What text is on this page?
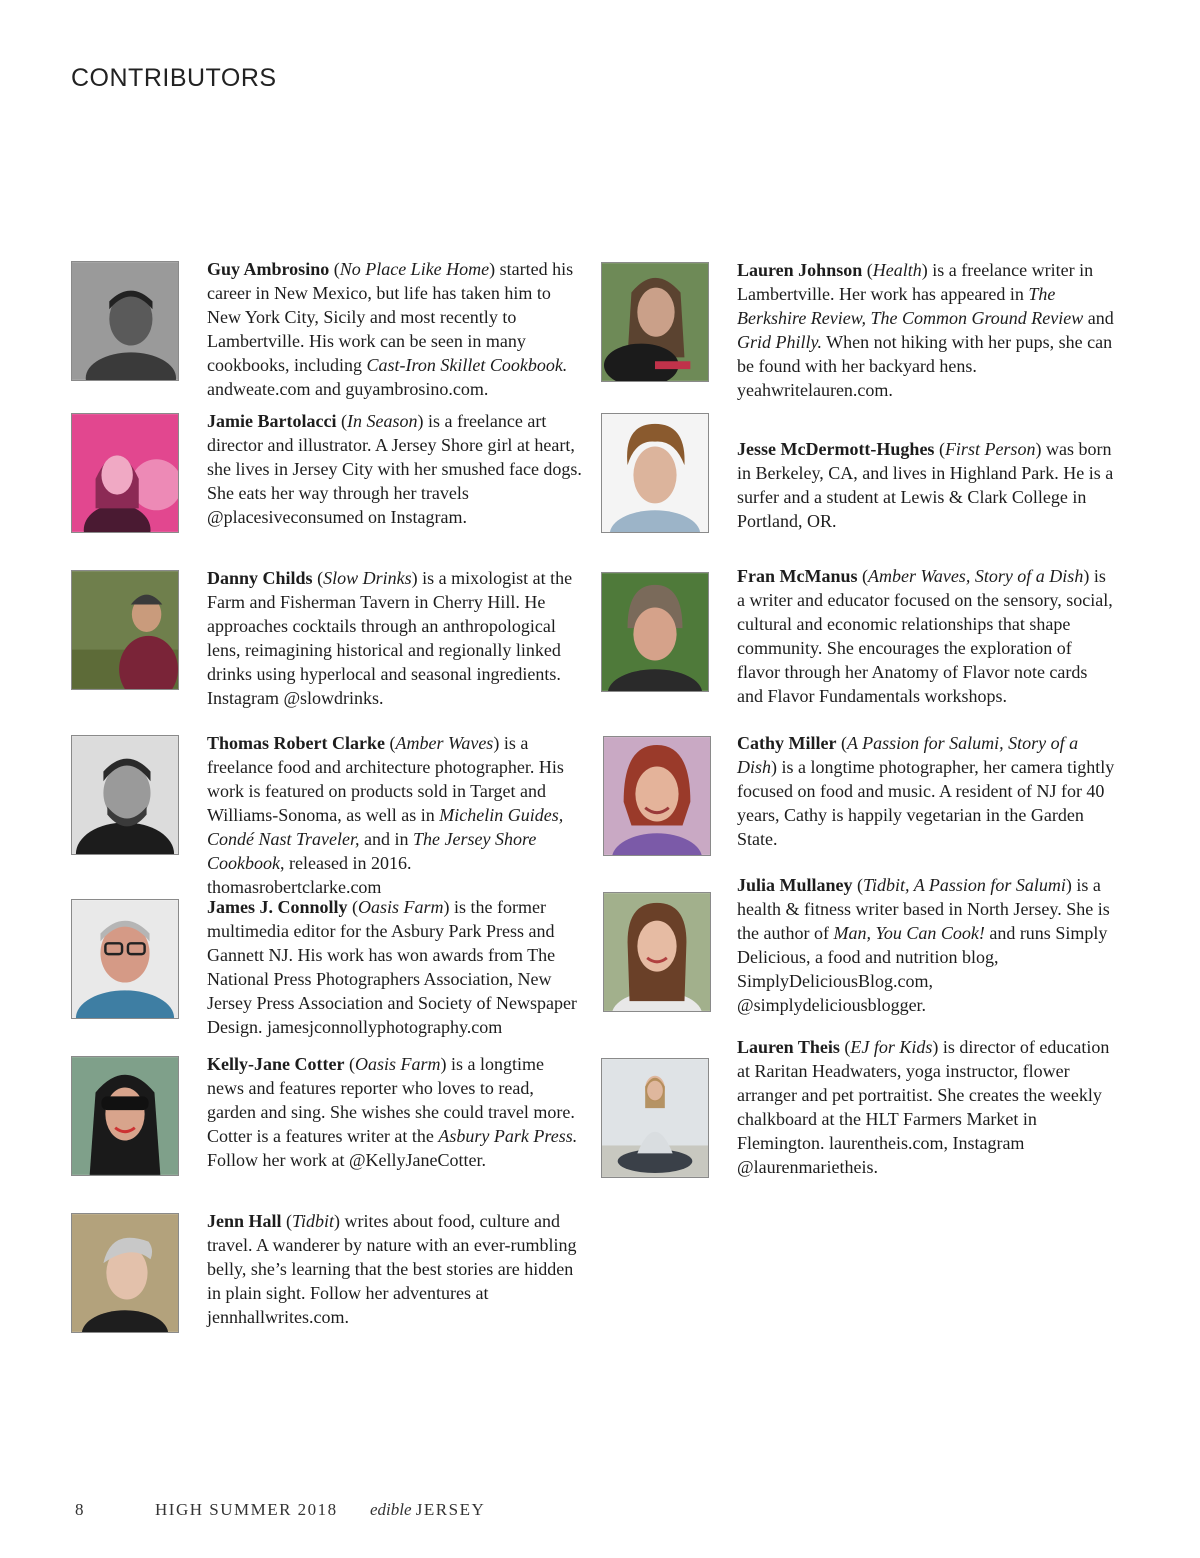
CONTRIBUTORS

Guy Ambrosino (No Place Like Home) started his career in New Mexico, but life has taken him to New York City, Sicily and most recently to Lambertville. His work can be seen in many cookbooks, including Cast-Iron Skillet Cookbook. andweate.com and guyambrosino.com.

Jamie Bartolacci (In Season) is a freelance art director and illustrator. A Jersey Shore girl at heart, she lives in Jersey City with her smushed face dogs. She eats her way through her travels @placesiveconsumed on Instagram.

Danny Childs (Slow Drinks) is a mixologist at the Farm and Fisherman Tavern in Cherry Hill. He approaches cocktails through an anthropological lens, reimagining historical and regionally linked drinks using hyperlocal and seasonal ingredients. Instagram @slowdrinks.

Thomas Robert Clarke (Amber Waves) is a freelance food and architecture photographer. His work is featured on products sold in Target and Williams-Sonoma, as well as in Michelin Guides, Condé Nast Traveler, and in The Jersey Shore Cookbook, released in 2016. thomasrobertclarke.com

James J. Connolly (Oasis Farm) is the former multimedia editor for the Asbury Park Press and Gannett NJ. His work has won awards from The National Press Photographers Association, New Jersey Press Association and Society of Newspaper Design. jamesjconnollyphotography.com

Kelly-Jane Cotter (Oasis Farm) is a longtime news and features reporter who loves to read, garden and sing. She wishes she could travel more. Cotter is a features writer at the Asbury Park Press. Follow her work at @KellyJaneCotter.

Jenn Hall (Tidbit) writes about food, culture and travel. A wanderer by nature with an ever-rumbling belly, she’s learning that the best stories are hidden in plain sight. Follow her adventures at jennhallwrites.com.

Lauren Johnson (Health) is a freelance writer in Lambertville. Her work has appeared in The Berkshire Review, The Common Ground Review and Grid Philly. When not hiking with her pups, she can be found with her backyard hens. yeahwritelauren.com.

Jesse McDermott-Hughes (First Person) was born in Berkeley, CA, and lives in Highland Park. He is a surfer and a student at Lewis & Clark College in Portland, OR.

Fran McManus (Amber Waves, Story of a Dish) is a writer and educator focused on the sensory, social, cultural and economic relationships that shape community. She encourages the exploration of flavor through her Anatomy of Flavor note cards and Flavor Fundamentals workshops.

Cathy Miller (A Passion for Salumi, Story of a Dish) is a longtime photographer, her camera tightly focused on food and music. A resident of NJ for 40 years, Cathy is happily vegetarian in the Garden State.

Julia Mullaney (Tidbit, A Passion for Salumi) is a health & fitness writer based in North Jersey. She is the author of Man, You Can Cook! and runs Simply Delicious, a food and nutrition blog, SimplyDeliciousBlog.com, @simplydeliciousblogger.

Lauren Theis (EJ for Kids) is director of education at Raritan Headwaters, yoga instructor, flower arranger and pet portraitist. She creates the weekly chalkboard at the HLT Farmers Market in Flemington. laurentheis.com, Instagram @laurenmarietheis.

8	HIGH SUMMER 2018 edible JERSEY
